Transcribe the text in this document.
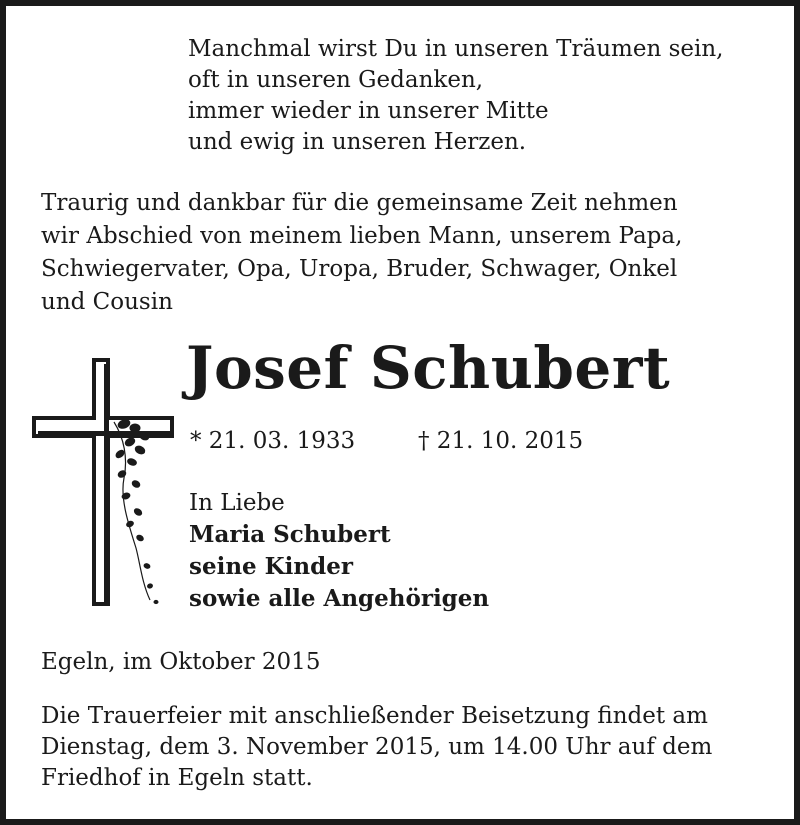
Manchmal wirst Du in unseren Träumen sein,
oft in unseren Gedanken,
immer wieder in unserer Mitte
und ewig in unseren Herzen.
Traurig und dankbar für die gemeinsame Zeit nehmen
wir Abschied von meinem lieben Mann, unserem Papa,
Schwiegervater, Opa, Uropa, Bruder, Schwager, Onkel
und Cousin
Josef Schubert
* 21. 03. 1933	† 21. 10. 2015
In Liebe
Maria Schubert
seine Kinder
sowie alle Angehörigen
Egeln, im Oktober 2015
Die Trauerfeier mit anschließender Beisetzung findet am
Dienstag, dem 3. November 2015, um 14.00 Uhr auf dem
Friedhof in Egeln statt.
